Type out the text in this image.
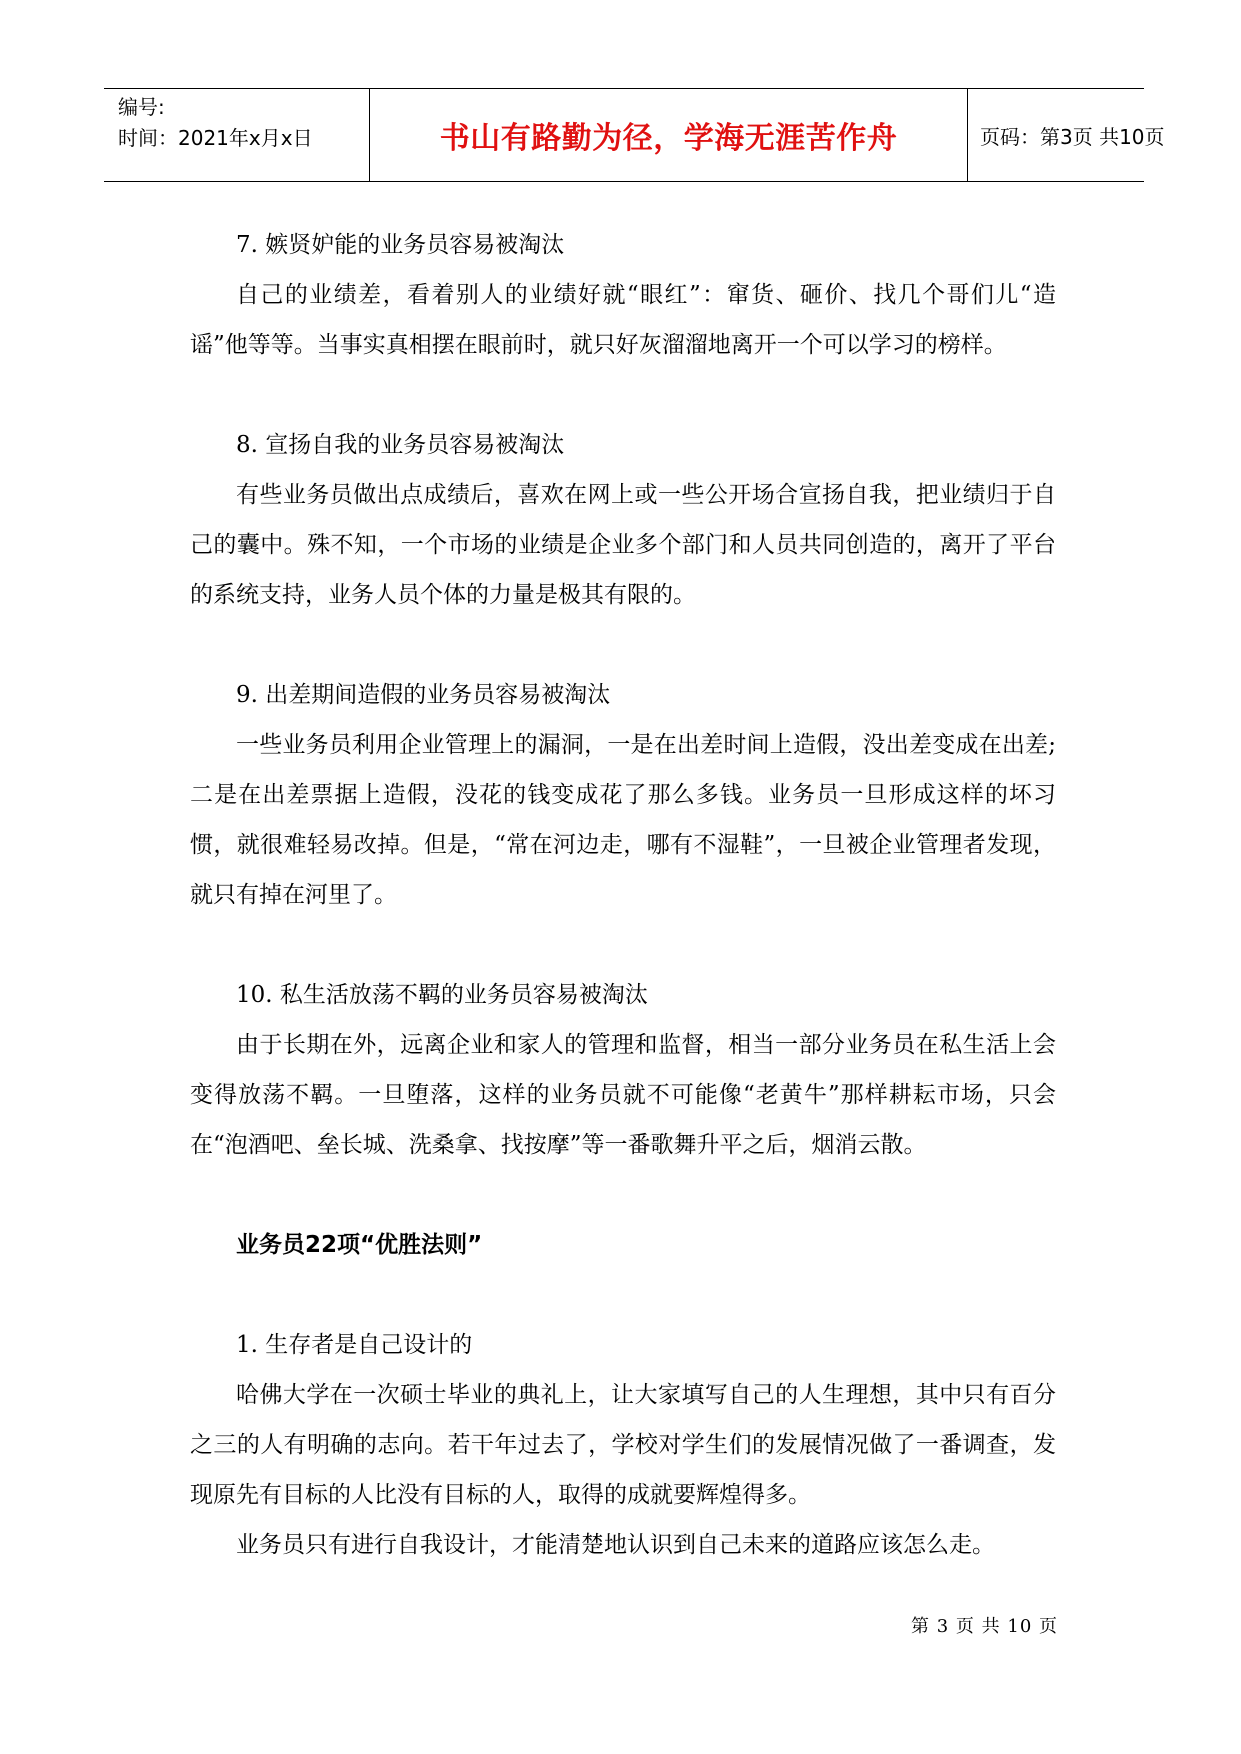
编号:
时间：2021年x月x日	书山有路勤为径，学海无涯苦作舟	页码：第3页 共10页

7. 嫉贤妒能的业务员容易被淘汰

自己的业绩差，看着别人的业绩好就“眼红”：窜货、砸价、找几个哥们儿“造谣”他等等。当事实真相摆在眼前时，就只好灰溜溜地离开一个可以学习的榜样。

8. 宣扬自我的业务员容易被淘汰

有些业务员做出点成绩后，喜欢在网上或一些公开场合宣扬自我，把业绩归于自己的囊中。殊不知，一个市场的业绩是企业多个部门和人员共同创造的，离开了平台的系统支持，业务人员个体的力量是极其有限的。

9. 出差期间造假的业务员容易被淘汰

一些业务员利用企业管理上的漏洞，一是在出差时间上造假，没出差变成在出差; 二是在出差票据上造假，没花的钱变成花了那么多钱。业务员一旦形成这样的坏习惯，就很难轻易改掉。但是，“常在河边走，哪有不湿鞋”，一旦被企业管理者发现，就只有掉在河里了。

10. 私生活放荡不羁的业务员容易被淘汰

由于长期在外，远离企业和家人的管理和监督，相当一部分业务员在私生活上会变得放荡不羁。一旦堕落，这样的业务员就不可能像“老黄牛”那样耕耘市场，只会在“泡酒吧、垒长城、洗桑拿、找按摩”等一番歌舞升平之后，烟消云散。

业务员22项“优胜法则”

1. 生存者是自己设计的

哈佛大学在一次硕士毕业的典礼上，让大家填写自己的人生理想，其中只有百分之三的人有明确的志向。若干年过去了，学校对学生们的发展情况做了一番调查，发现原先有目标的人比没有目标的人，取得的成就要辉煌得多。

业务员只有进行自我设计，才能清楚地认识到自己未来的道路应该怎么走。

第 3 页 共 10 页
